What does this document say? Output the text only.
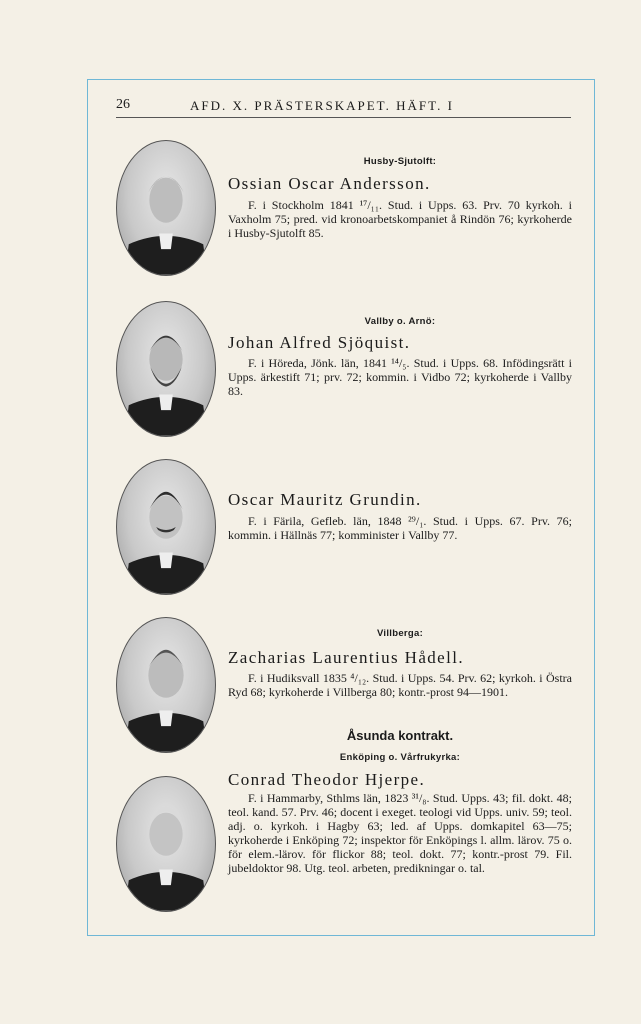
26	AFD. X. PRÄSTERSKAPET. HÄFT. I
Husby-Sjutolft:
Ossian Oscar Andersson.
F. i Stockholm 1841 ¹⁷/₁₁. Stud. i Upps. 63. Prv. 70 kyrkoh. i Vaxholm 75; pred. vid kronoarbetskompaniet å Rindön 76; kyrkoherde i Husby-Sjutolft 85.
Vallby o. Arnö:
Johan Alfred Sjöquist.
F. i Höreda, Jönk. län, 1841 ¹⁴/₅. Stud. i Upps. 68. Infödingsrätt i Upps. ärkestift 71; prv. 72; kommin. i Vidbo 72; kyrkoherde i Vallby 83.
Oscar Mauritz Grundin.
F. i Färila, Gefleb. län, 1848 ²⁹/₁. Stud. i Upps. 67. Prv. 76; kommin. i Hällnäs 77; komminister i Vallby 77.
Villberga:
Zacharias Laurentius Hådell.
F. i Hudiksvall 1835 ⁴/₁₂. Stud. i Upps. 54. Prv. 62; kyrkoh. i Östra Ryd 68; kyrkoherde i Villberga 80; kontr.-prost 94—1901.
Åsunda kontrakt.
Enköping o. Vårfrukyrka:
Conrad Theodor Hjerpe.
F. i Hammarby, Sthlms län, 1823 ³¹/₈. Stud. Upps. 43; fil. dokt. 48; teol. kand. 57. Prv. 46; docent i exeget. teologi vid Upps. univ. 59; teol. adj. o. kyrkoh. i Hagby 63; led. af Upps. domkapitel 63—75; kyrkoherde i Enköping 72; inspektor för Enköpings l. allm. lärov. 75 o. för elem.-lärov. för flickor 88; teol. dokt. 77; kontr.-prost 79. Fil. jubeldoktor 98. Utg. teol. arbeten, predikningar o. tal.
